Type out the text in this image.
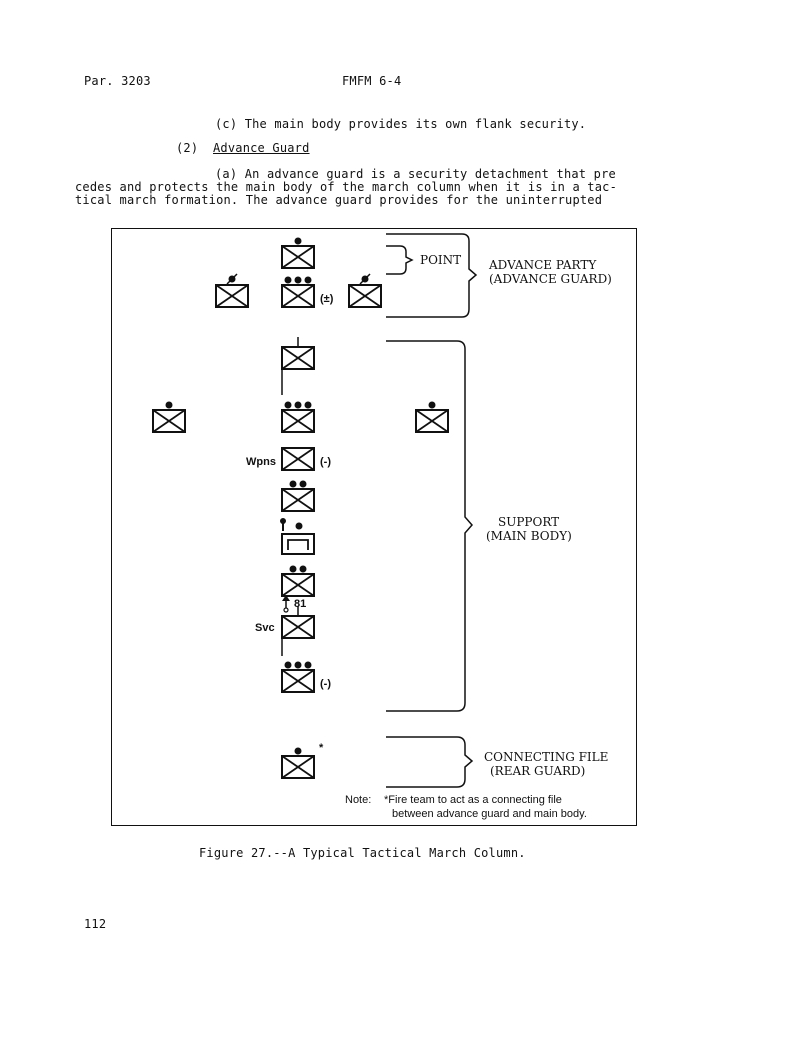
Par. 3203	FMFM 6-4
(c) The main body provides its own flank security.
(2) Advance Guard
(a) An advance guard is a security detachment that pre
cedes and protects the main body of the march column when it is in a tac-
tical march formation. The advance guard provides for the uninterrupted
(±)
POINT ADVANCE PARTY
(ADVANCE GUARD)
Wpns	(-)
81
Svc
(-)
SUPPORT
(MAIN BODY)
*
CONNECTING FILE
(REAR GUARD)
Note: *Fire team to act as a connecting file
between advance guard and main body.
Figure 27.--A Typical Tactical March Column.
112
